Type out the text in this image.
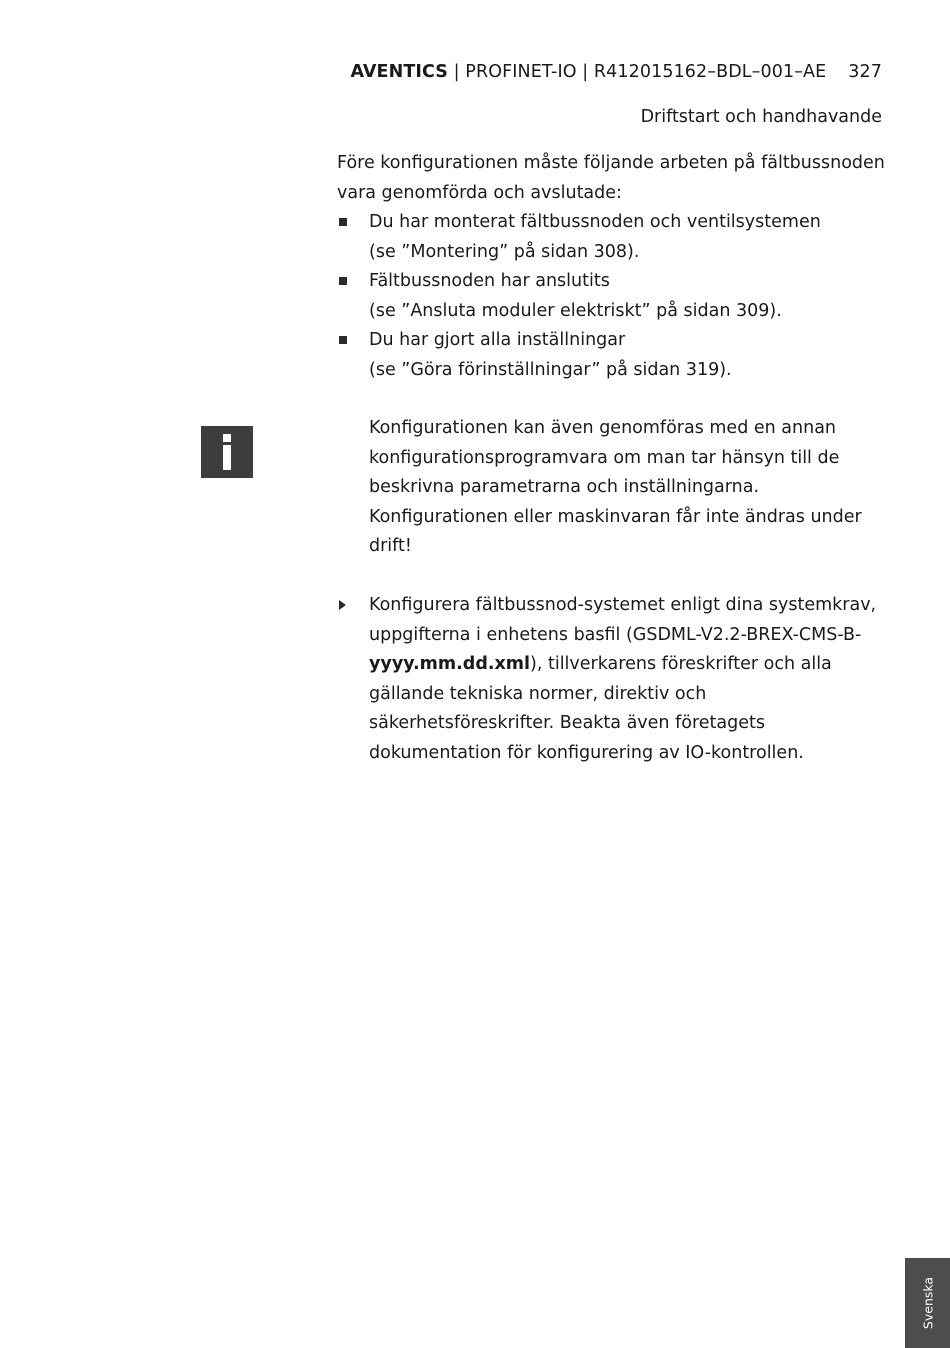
AVENTICS | PROFINET-IO | R412015162–BDL–001–AE 327
Driftstart och handhavande
Före konfigurationen måste följande arbeten på fältbussnoden
vara genomförda och avslutade:
Du har monterat fältbussnoden och ventilsystemen
(se ”Montering” på sidan 308).
Fältbussnoden har anslutits
(se ”Ansluta moduler elektriskt” på sidan 309).
Du har gjort alla inställningar
(se ”Göra förinställningar” på sidan 319).
Konfigurationen kan även genomföras med en annan
konfigurationsprogramvara om man tar hänsyn till de
beskrivna parametrarna och inställningarna.
Konfigurationen eller maskinvaran får inte ändras under
drift!
Konfigurera fältbussnod-systemet enligt dina systemkrav,
uppgifterna i enhetens basfil (GSDML-V2.2-BREX-CMS-B-
yyyy.mm.dd.xml), tillverkarens föreskrifter och alla
gällande tekniska normer, direktiv och
säkerhetsföreskrifter. Beakta även företagets
dokumentation för konfigurering av IO-kontrollen.
Svenska
